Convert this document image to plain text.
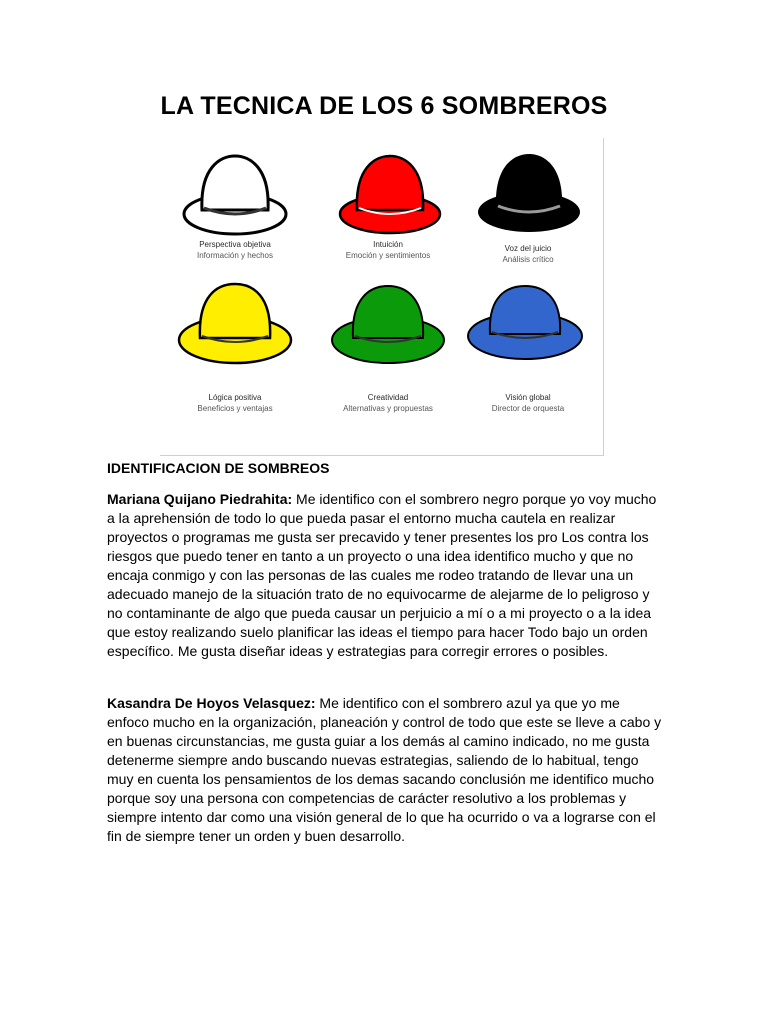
LA TECNICA DE LOS 6 SOMBREROS
Perspectiva objetiva
Información y hechos
Intuición
Emoción y sentimientos
Voz del juicio
Análisis crítico
Lógica positiva
Beneficios y ventajas
Creatividad
Alternativas y propuestas
Visión global
Director de orquesta
IDENTIFICACION DE SOMBREOS

Mariana Quijano Piedrahita: Me identifico con el sombrero negro porque yo voy mucho a la aprehensión de todo lo que pueda pasar el entorno mucha cautela en realizar proyectos o programas me gusta ser precavido y tener presentes los pro Los contra los riesgos que puedo tener en tanto a un proyecto o una idea identifico mucho y que no encaja conmigo y con las personas de las cuales me rodeo tratando de llevar una un adecuado manejo de la situación trato de no equivocarme de alejarme de lo peligroso y no contaminante de algo que pueda causar un perjuicio a mí o a mi proyecto o a la idea que estoy realizando suelo planificar las ideas el tiempo para hacer Todo bajo un orden específico. Me gusta diseñar ideas y estrategias para corregir errores o posibles.

Kasandra De Hoyos Velasquez: Me identifico con el sombrero azul ya que yo me enfoco mucho en la organización, planeación y control de todo que este se lleve a cabo y en buenas circunstancias, me gusta guiar a los demás al camino indicado, no me gusta detenerme siempre ando buscando nuevas estrategias, saliendo de lo habitual, tengo muy en cuenta los pensamientos de los demas sacando conclusión me identifico mucho porque soy una persona con competencias de carácter resolutivo a los problemas y siempre intento dar como una visión general de lo que ha ocurrido o va a lograrse con el fin de siempre tener un orden y buen desarrollo.
